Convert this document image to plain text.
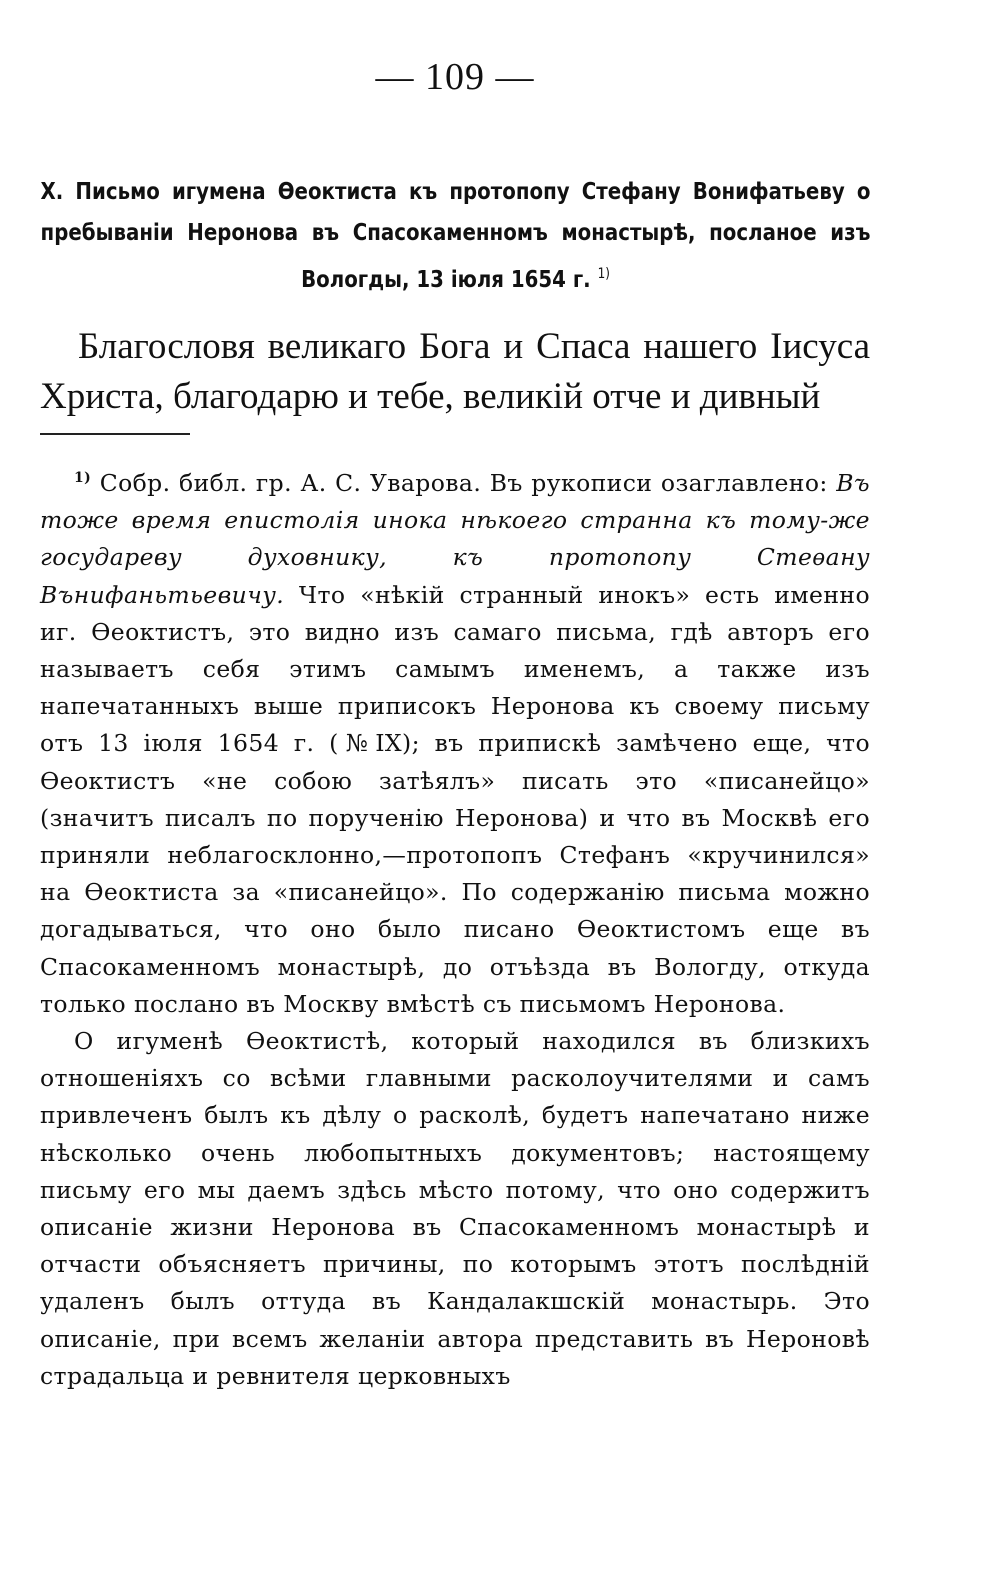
— 109 —
X. Письмо игумена Ѳеоктиста къ протопопу Стефану Вонифатьеву о пребываніи Неронова въ Спасокаменномъ монастырѣ, посланое изъ Вологды, 13 іюля 1654 г. $^{1)}$
Благословя великаго Бога и Спаса нашего Іисуса Христа, благодарю и тебе, великій отче и дивный

$^{1)}$ Собр. библ. гр. А. С. Уварова. Въ рукописи озаглавлено: Въ тоже время епистолія инока нѣкоего странна къ тому-же государеву духовнику, къ протопопу Стеѳану Вънифаньтьевичу. Что «нѣкій странный инокъ» есть именно иг. Ѳеоктистъ, это видно изъ самаго письма, гдѣ авторъ его называетъ себя этимъ самымъ именемъ, а также изъ напечатанныхъ выше приписокъ Неронова къ своему письму отъ 13 іюля 1654 г. (№IX); въ припискѣ замѣчено еще, что Ѳеоктистъ «не собою затѣялъ» писать это «писанейцо» (значитъ писалъ по порученію Неронова) и что въ Москвѣ его приняли неблагосклонно,—протопопъ Стефанъ «кручинился» на Ѳеоктиста за «писанейцо». По содержанію письма можно догадываться, что оно было писано Ѳеоктистомъ еще въ Спасокаменномъ монастырѣ, до отъѣзда въ Вологду, откуда только послано въ Москву вмѣстѣ съ письмомъ Неронова.

О игуменѣ Ѳеоктистѣ, который находился въ близкихъ отношеніяхъ со всѣми главными расколоучителями и самъ привлеченъ былъ къ дѣлу о расколѣ, будетъ напечатано ниже нѣсколько очень любопытныхъ документовъ; настоящему письму его мы даемъ здѣсь мѣсто потому, что оно содержитъ описаніе жизни Неронова въ Спасокаменномъ монастырѣ и отчасти объясняетъ причины, по которымъ этотъ послѣдній удаленъ былъ оттуда въ Кандалакшскій монастырь. Это описаніе, при всемъ желаніи автора представить въ Нероновѣ страдальца и ревнителя церковныхъ
